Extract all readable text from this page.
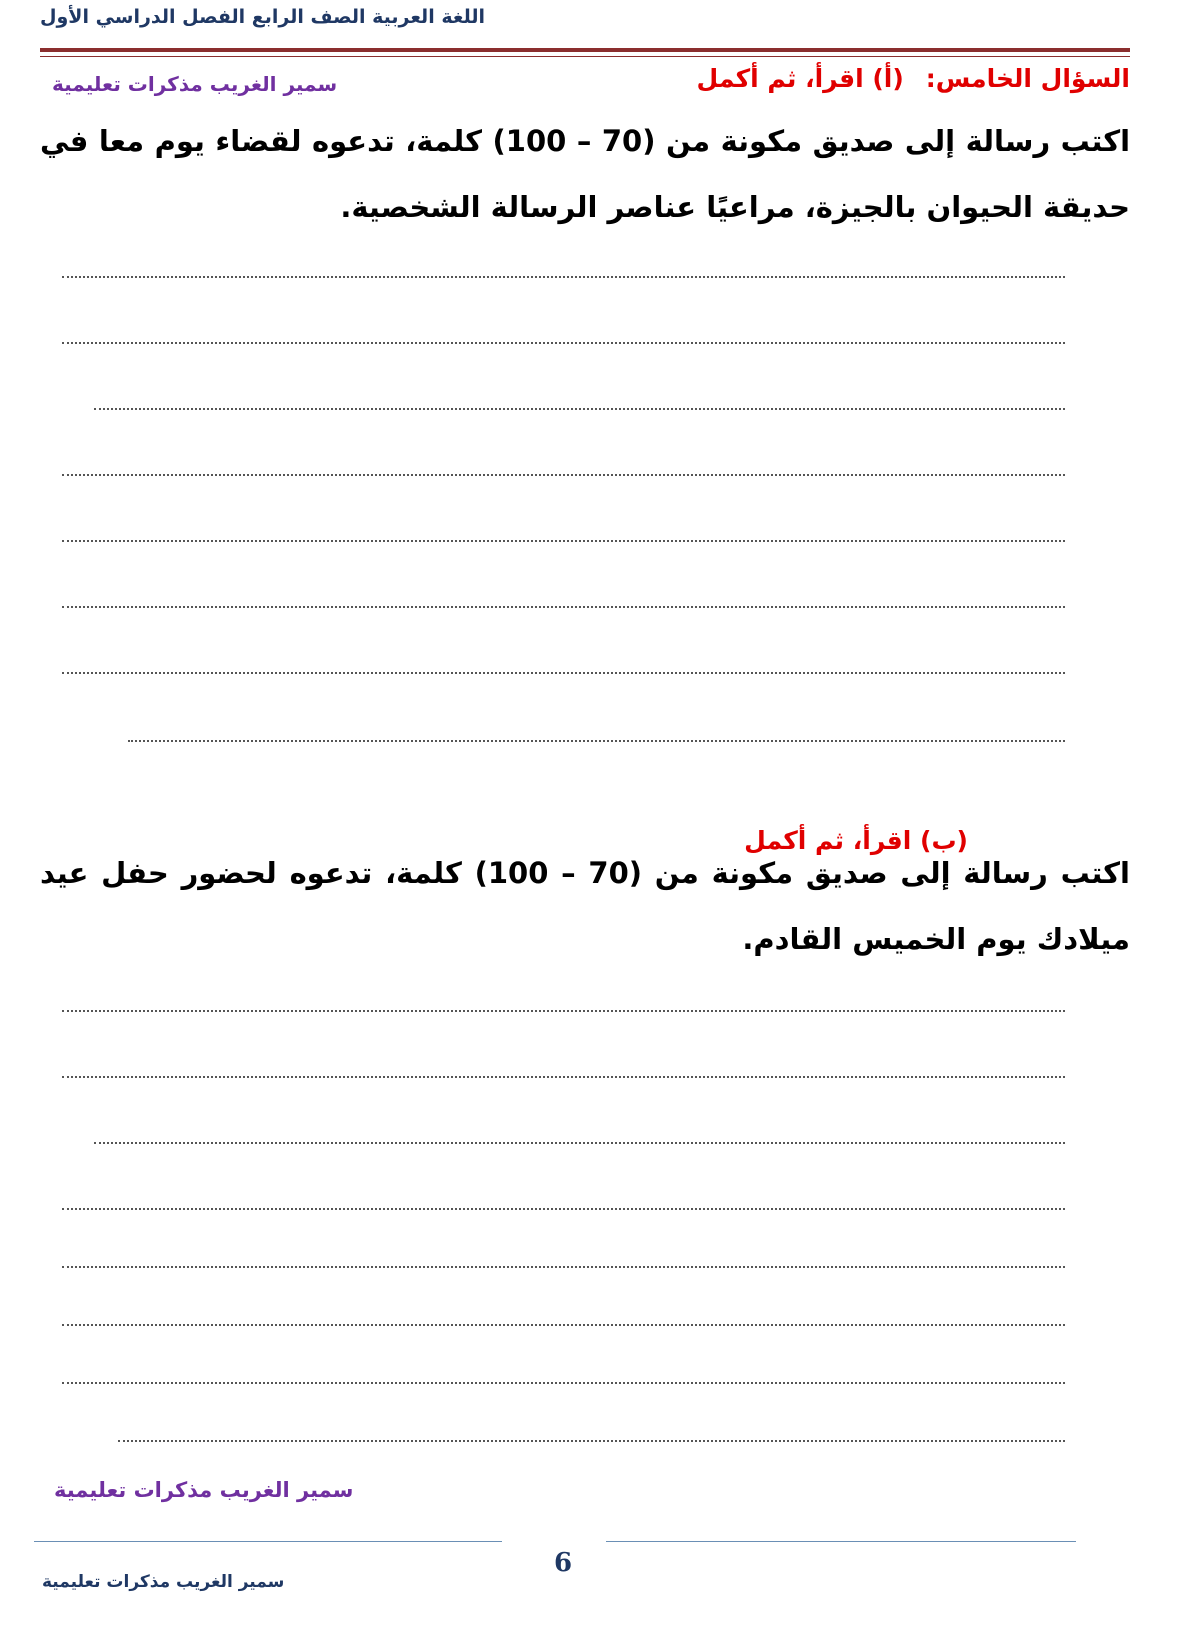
اللغة العربية الصف الرابع الفصل الدراسي الأول
سمير الغريب مذكرات تعليمية	السؤال الخامس:(أ) اقرأ، ثم أكمل
اكتب رسالة إلى صديق مكونة من (70 – 100) كلمة، تدعوه لقضاء يوم معا في
حديقة الحيوان بالجيزة، مراعيًا عناصر الرسالة الشخصية.
(ب) اقرأ، ثم أكمل
اكتب رسالة إلى صديق مكونة من (70 – 100) كلمة، تدعوه لحضور حفل عيد
ميلادك يوم الخميس القادم.
سمير الغريب مذكرات تعليمية
6
سمير الغريب مذكرات تعليمية
